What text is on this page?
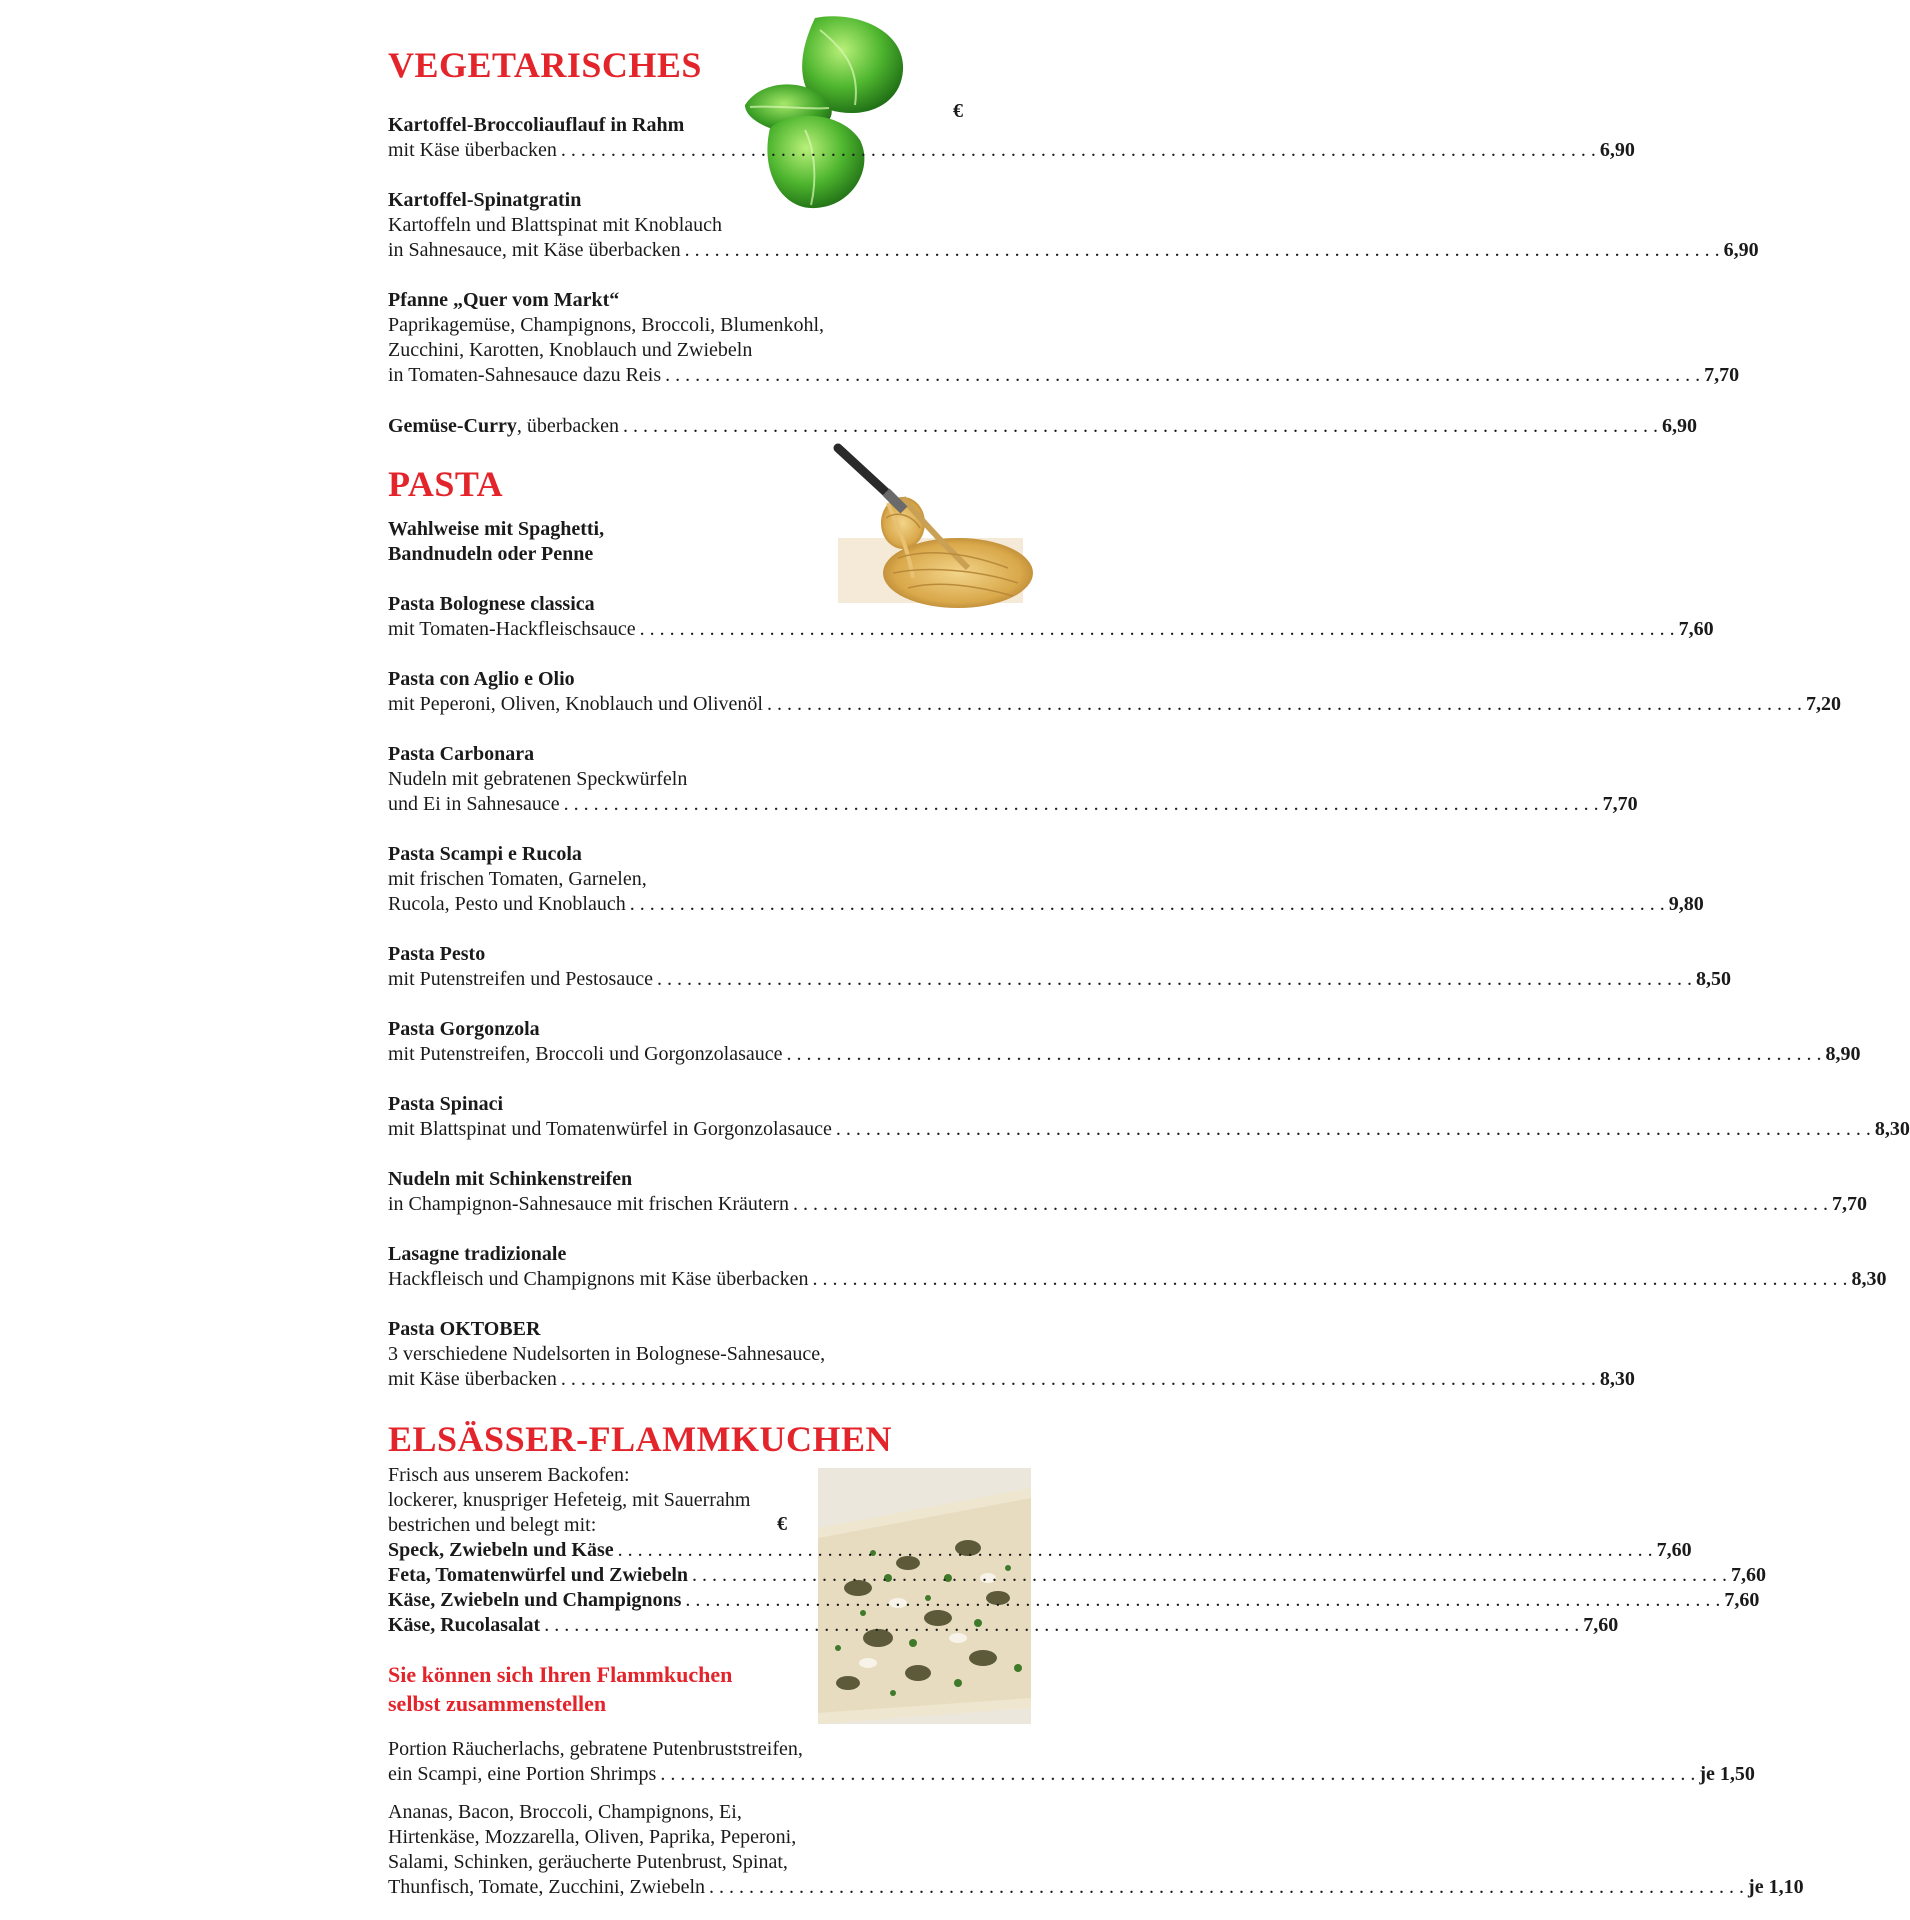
VEGETARISCHES
€
Kartoffel-Broccoliauflauf in Rahm
mit Käse überbacken . . .	6,90
Kartoffel-Spinatgratin
Kartoffeln und Blattspinat mit Knoblauch
in Sahnesauce, mit Käse überbacken . . .	6,90
Pfanne „Quer vom Markt“
Paprikagemüse, Champignons, Broccoli, Blumenkohl,
Zucchini, Karotten, Knoblauch und Zwiebeln
in Tomaten-Sahnesauce dazu Reis . . .	7,70
Gemüse-Curry, überbacken . . .	6,90
PASTA
Wahlweise mit Spaghetti,
Bandnudeln oder Penne
Pasta Bolognese classica
mit Tomaten-Hackfleischsauce . . .	7,60
Pasta con Aglio e Olio
mit Peperoni, Oliven, Knoblauch und Olivenöl . . .	7,20
Pasta Carbonara
Nudeln mit gebratenen Speckwürfeln
und Ei in Sahnesauce . . .	7,70
Pasta Scampi e Rucola
mit frischen Tomaten, Garnelen,
Rucola, Pesto und Knoblauch . . .	9,80
Pasta Pesto
mit Putenstreifen und Pestosauce . . .	8,50
Pasta Gorgonzola
mit Putenstreifen, Broccoli und Gorgonzolasauce . . .	8,90
Pasta Spinaci
mit Blattspinat und Tomatenwürfel in Gorgonzolasauce . . .	8,30
Nudeln mit Schinkenstreifen
in Champignon-Sahnesauce mit frischen Kräutern . . .	7,70
Lasagne tradizionale
Hackfleisch und Champignons mit Käse überbacken . . .	8,30
Pasta OKTOBER
3 verschiedene Nudelsorten in Bolognese-Sahnesauce,
mit Käse überbacken . . .	8,30
ELSÄSSER-FLAMMKUCHEN
Frisch aus unserem Backofen:
lockerer, knuspriger Hefeteig, mit Sauerrahm
bestrichen und belegt mit:	€
Speck, Zwiebeln und Käse . . .	7,60
Feta, Tomatenwürfel und Zwiebeln . . .	7,60
Käse, Zwiebeln und Champignons . . .	7,60
Käse, Rucolasalat . . .	7,60
Sie können sich Ihren Flammkuchen
selbst zusammenstellen
Portion Räucherlachs, gebratene Putenbruststreifen,
ein Scampi, eine Portion Shrimps . . .	je 1,50
Ananas, Bacon, Broccoli, Champignons, Ei,
Hirtenkäse, Mozzarella, Oliven, Paprika, Peperoni,
Salami, Schinken, geräucherte Putenbrust, Spinat,
Thunfisch, Tomate, Zucchini, Zwiebeln . . .	je 1,10
